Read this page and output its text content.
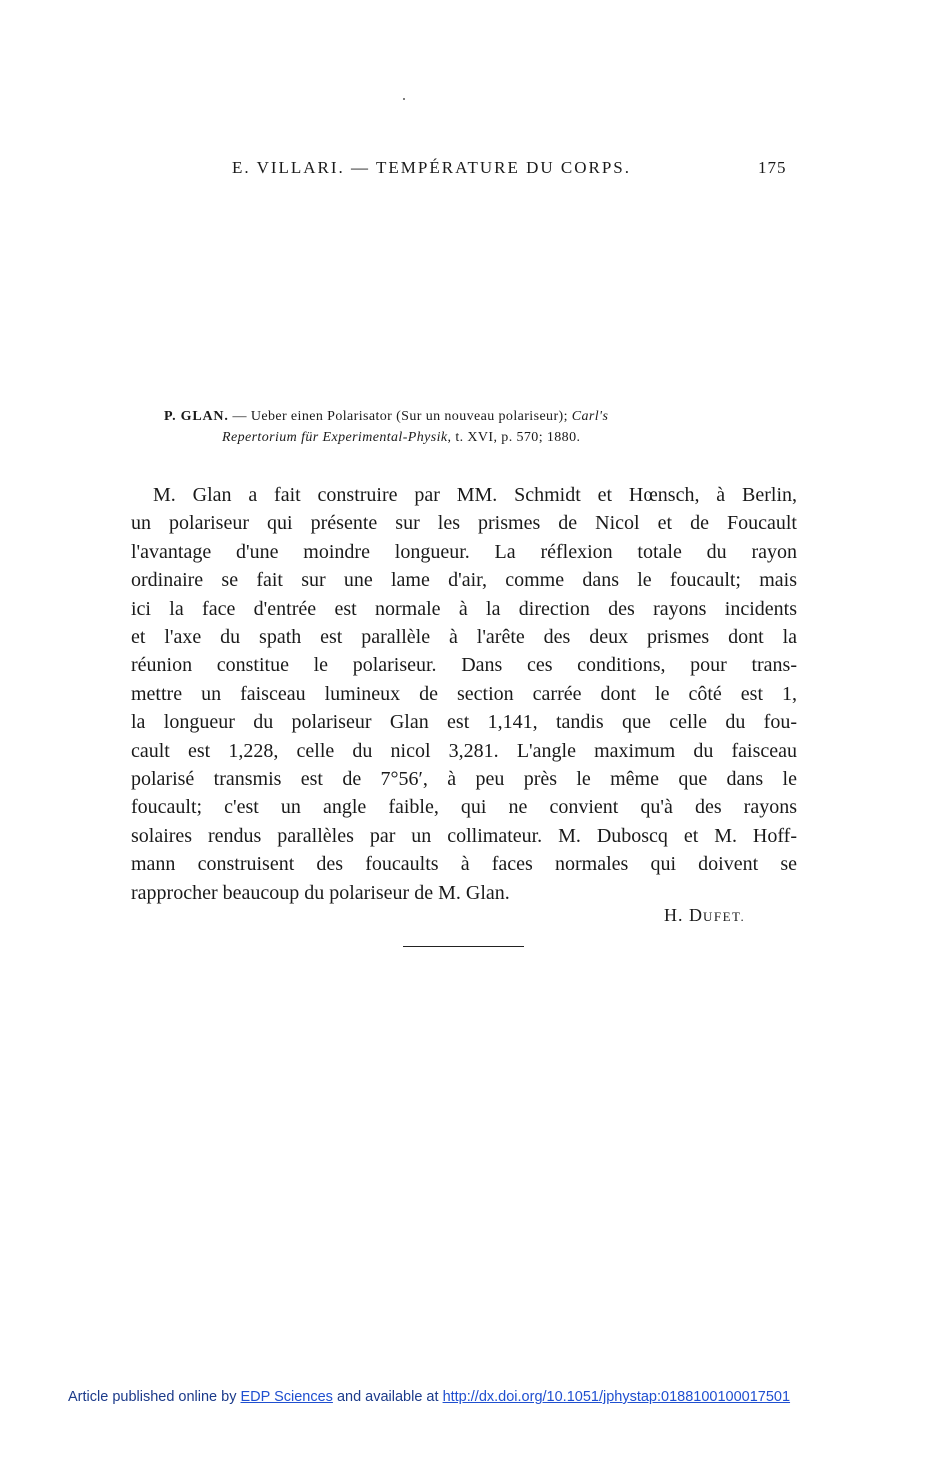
E. VILLARI. — TEMPÉRATURE DU CORPS.	175
P. GLAN. — Ueber einen Polarisator (Sur un nouveau polariseur); Carl's
Repertorium für Experimental-Physik, t. XVI, p. 570; 1880.
M. Glan a fait construire par MM. Schmidt et Hœnsch, à Berlin,
un polariseur qui présente sur les prismes de Nicol et de Foucault
l'avantage d'une moindre longueur. La réflexion totale du rayon
ordinaire se fait sur une lame d'air, comme dans le foucault; mais
ici la face d'entrée est normale à la direction des rayons incidents
et l'axe du spath est parallèle à l'arête des deux prismes dont la
réunion constitue le polariseur. Dans ces conditions, pour trans-
mettre un faisceau lumineux de section carrée dont le côté est 1,
la longueur du polariseur Glan est 1,141, tandis que celle du fou-
cault est 1,228, celle du nicol 3,281. L'angle maximum du faisceau
polarisé transmis est de 7°56′, à peu près le même que dans le
foucault; c'est un angle faible, qui ne convient qu'à des rayons
solaires rendus parallèles par un collimateur. M. Duboscq et M. Hoff-
mann construisent des foucaults à faces normales qui doivent se
rapprocher beaucoup du polariseur de M. Glan.
H. DUFET.
Article published online by EDP Sciences and available at http://dx.doi.org/10.1051/jphystap:0188100100017501
